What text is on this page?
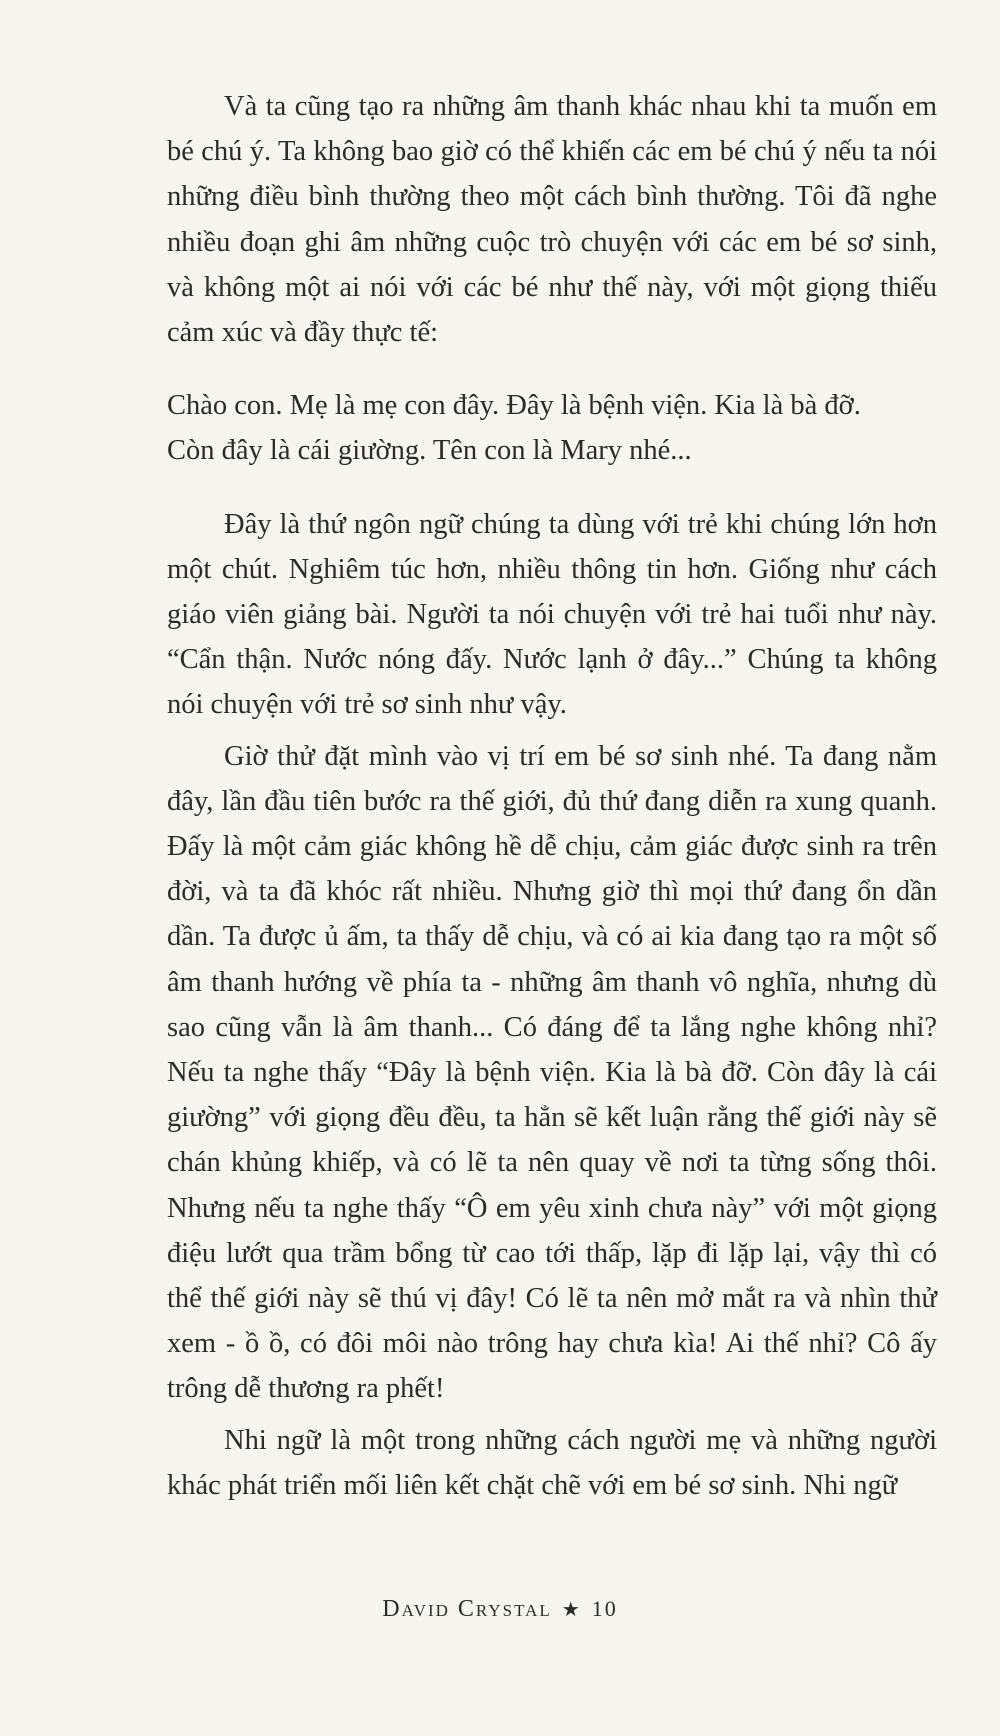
Và ta cũng tạo ra những âm thanh khác nhau khi ta muốn em bé chú ý. Ta không bao giờ có thể khiến các em bé chú ý nếu ta nói những điều bình thường theo một cách bình thường. Tôi đã nghe nhiều đoạn ghi âm những cuộc trò chuyện với các em bé sơ sinh, và không một ai nói với các bé như thế này, với một giọng thiếu cảm xúc và đầy thực tế:

Chào con. Mẹ là mẹ con đây. Đây là bệnh viện. Kia là bà đỡ.
Còn đây là cái giường. Tên con là Mary nhé...

Đây là thứ ngôn ngữ chúng ta dùng với trẻ khi chúng lớn hơn một chút. Nghiêm túc hơn, nhiều thông tin hơn. Giống như cách giáo viên giảng bài. Người ta nói chuyện với trẻ hai tuổi như này. “Cẩn thận. Nước nóng đấy. Nước lạnh ở đây...” Chúng ta không nói chuyện với trẻ sơ sinh như vậy.

Giờ thử đặt mình vào vị trí em bé sơ sinh nhé. Ta đang nằm đây, lần đầu tiên bước ra thế giới, đủ thứ đang diễn ra xung quanh. Đấy là một cảm giác không hề dễ chịu, cảm giác được sinh ra trên đời, và ta đã khóc rất nhiều. Nhưng giờ thì mọi thứ đang ổn dần dần. Ta được ủ ấm, ta thấy dễ chịu, và có ai kia đang tạo ra một số âm thanh hướng về phía ta - những âm thanh vô nghĩa, nhưng dù sao cũng vẫn là âm thanh... Có đáng để ta lắng nghe không nhỉ? Nếu ta nghe thấy “Đây là bệnh viện. Kia là bà đỡ. Còn đây là cái giường” với giọng đều đều, ta hẳn sẽ kết luận rằng thế giới này sẽ chán khủng khiếp, và có lẽ ta nên quay về nơi ta từng sống thôi. Nhưng nếu ta nghe thấy “Ô em yêu xinh chưa này” với một giọng điệu lướt qua trầm bổng từ cao tới thấp, lặp đi lặp lại, vậy thì có thể thế giới này sẽ thú vị đây! Có lẽ ta nên mở mắt ra và nhìn thử xem - ồ ồ, có đôi môi nào trông hay chưa kìa! Ai thế nhỉ? Cô ấy trông dễ thương ra phết!

Nhi ngữ là một trong những cách người mẹ và những người khác phát triển mối liên kết chặt chẽ với em bé sơ sinh. Nhi ngữ

David Crystal ★ 10
